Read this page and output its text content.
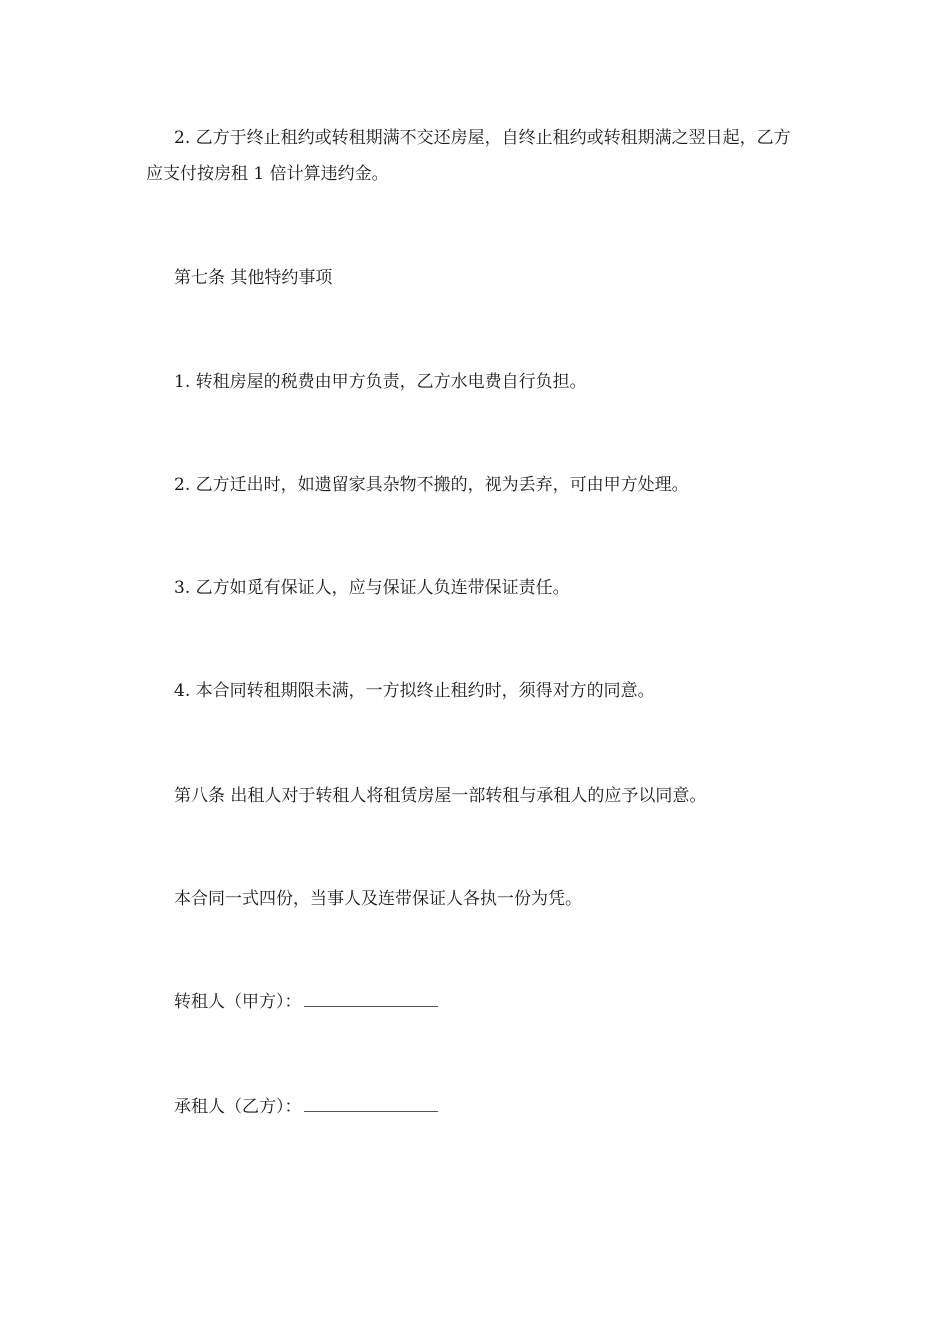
2. 乙方于终止租约或转租期满不交还房屋，自终止租约或转租期满之翌日起，乙方应支付按房租 1 倍计算违约金。

第七条 其他特约事项

1. 转租房屋的税费由甲方负责，乙方水电费自行负担。

2. 乙方迁出时，如遗留家具杂物不搬的，视为丢弃，可由甲方处理。

3. 乙方如觅有保证人，应与保证人负连带保证责任。

4. 本合同转租期限未满，一方拟终止租约时，须得对方的同意。

第八条 出租人对于转租人将租赁房屋一部转租与承租人的应予以同意。

本合同一式四份，当事人及连带保证人各执一份为凭。

转租人（甲方）：
承租人（乙方）：
